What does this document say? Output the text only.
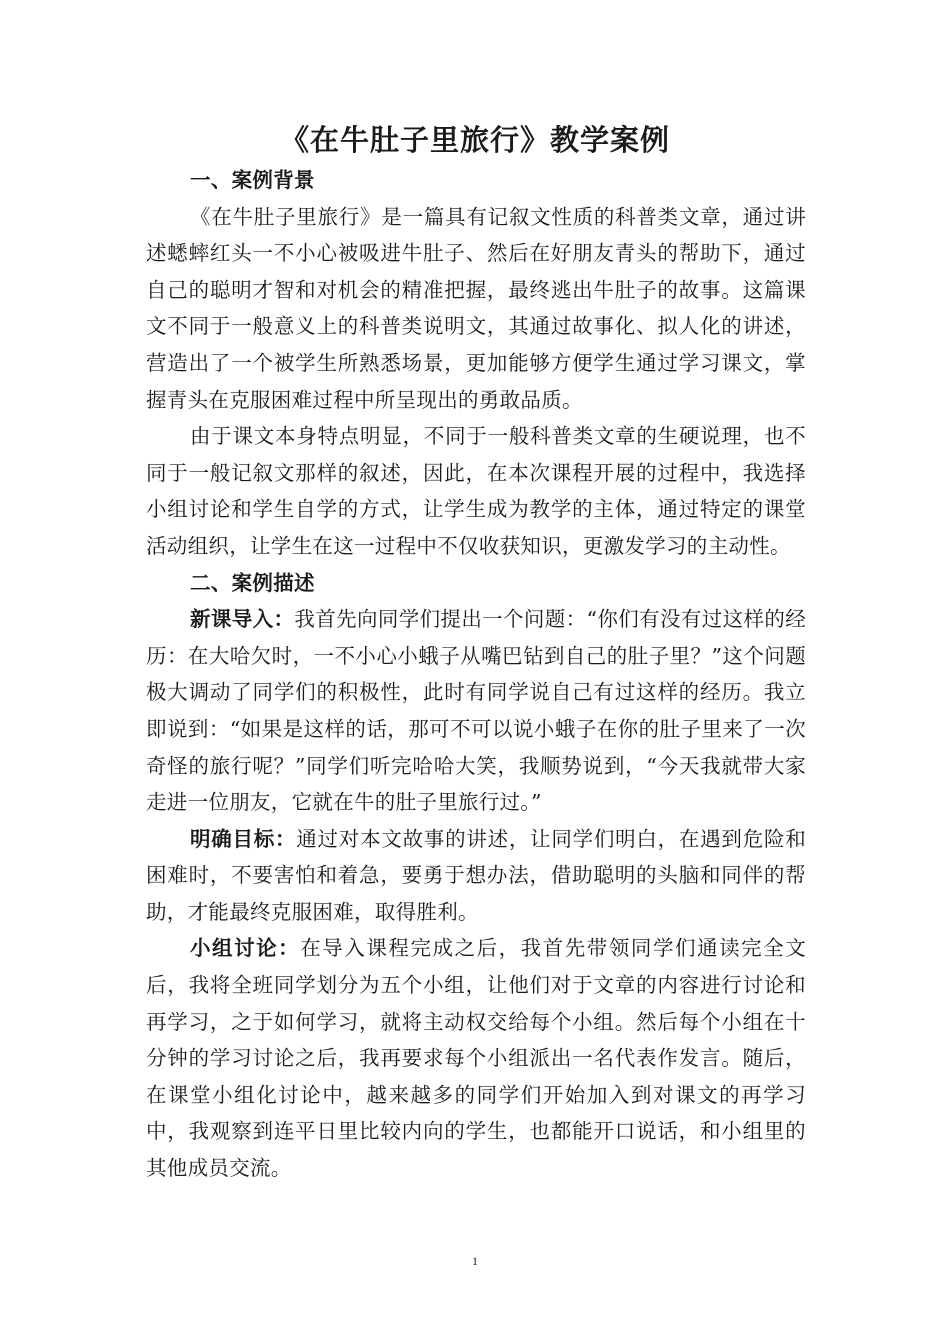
《在牛肚子里旅行》教学案例

一、案例背景

《在牛肚子里旅行》是一篇具有记叙文性质的科普类文章，通过讲述蟋蟀红头一不小心被吸进牛肚子、然后在好朋友青头的帮助下，通过自己的聪明才智和对机会的精准把握，最终逃出牛肚子的故事。这篇课文不同于一般意义上的科普类说明文，其通过故事化、拟人化的讲述，营造出了一个被学生所熟悉场景，更加能够方便学生通过学习课文，掌握青头在克服困难过程中所呈现出的勇敢品质。

由于课文本身特点明显，不同于一般科普类文章的生硬说理，也不同于一般记叙文那样的叙述，因此，在本次课程开展的过程中，我选择小组讨论和学生自学的方式，让学生成为教学的主体，通过特定的课堂活动组织，让学生在这一过程中不仅收获知识，更激发学习的主动性。

二、案例描述

新课导入：我首先向同学们提出一个问题：“你们有没有过这样的经历：在大哈欠时，一不小心小蛾子从嘴巴钻到自己的肚子里？”这个问题极大调动了同学们的积极性，此时有同学说自己有过这样的经历。我立即说到：“如果是这样的话，那可不可以说小蛾子在你的肚子里来了一次奇怪的旅行呢？”同学们听完哈哈大笑，我顺势说到，“今天我就带大家走进一位朋友，它就在牛的肚子里旅行过。”

明确目标：通过对本文故事的讲述，让同学们明白，在遇到危险和困难时，不要害怕和着急，要勇于想办法，借助聪明的头脑和同伴的帮助，才能最终克服困难，取得胜利。

小组讨论：在导入课程完成之后，我首先带领同学们通读完全文后，我将全班同学划分为五个小组，让他们对于文章的内容进行讨论和再学习，之于如何学习，就将主动权交给每个小组。然后每个小组在十分钟的学习讨论之后，我再要求每个小组派出一名代表作发言。随后，在课堂小组化讨论中，越来越多的同学们开始加入到对课文的再学习中，我观察到连平日里比较内向的学生，也都能开口说话，和小组里的其他成员交流。

1
